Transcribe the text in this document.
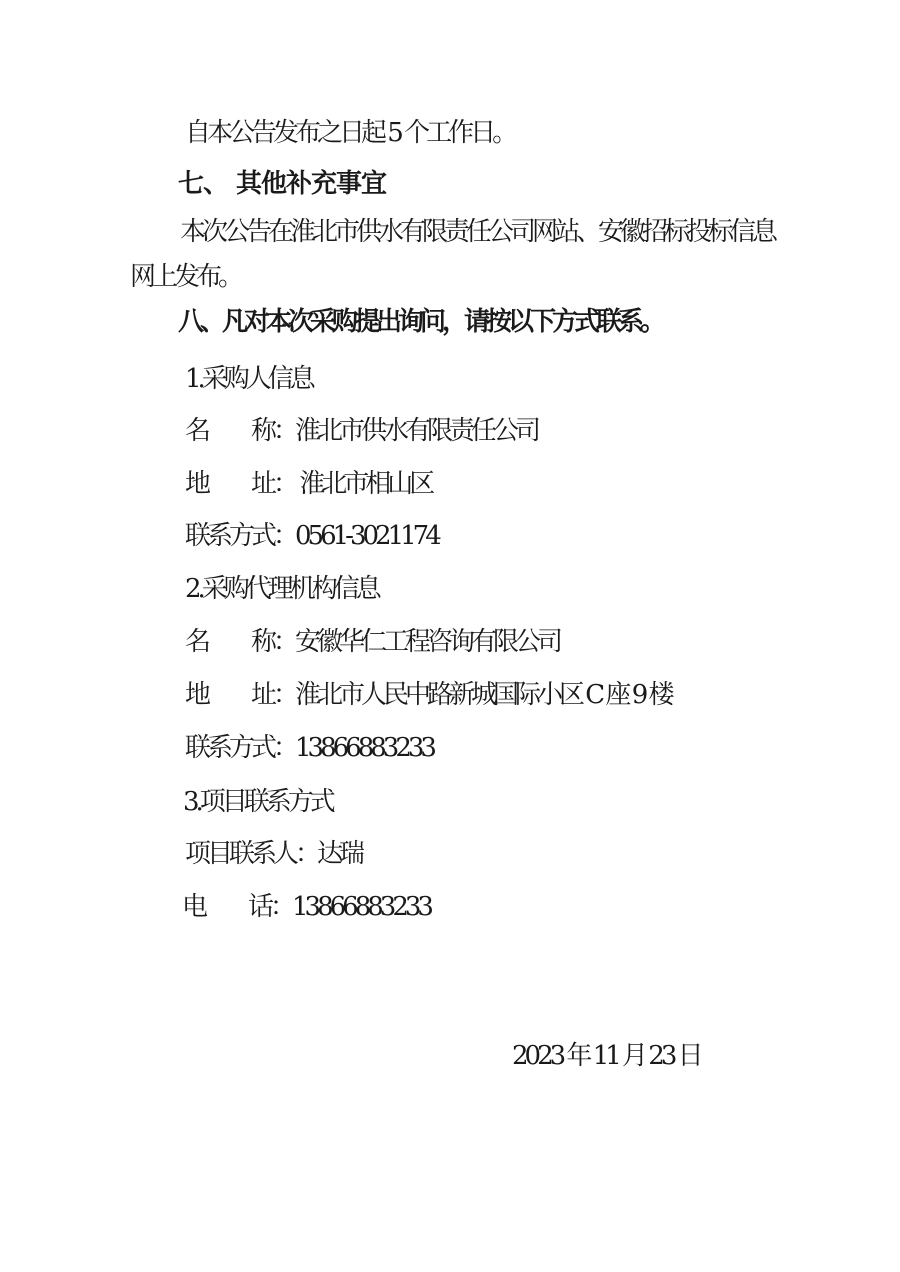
自本公告发布之日起 5 个工作日。
七、 其他补充事宜
本次公告在淮北市供水有限责任公司网站、安徽招标投标信息
网上发布。
八、凡对本次采购提出询问，请按以下方式联系。
1.采购人信息
名　　称：淮北市供水有限责任公司
地　　址： 淮北市相山区
联系方式：0561-3021174
2.采购代理机构信息
名　　称：安徽华仁工程咨询有限公司
地　　址：淮北市人民中路新城国际小区 C 座 9 楼
联系方式：13866883233
3.项目联系方式
项目联系人：达瑞
电　　话：13866883233
2023 年 11 月 23 日
